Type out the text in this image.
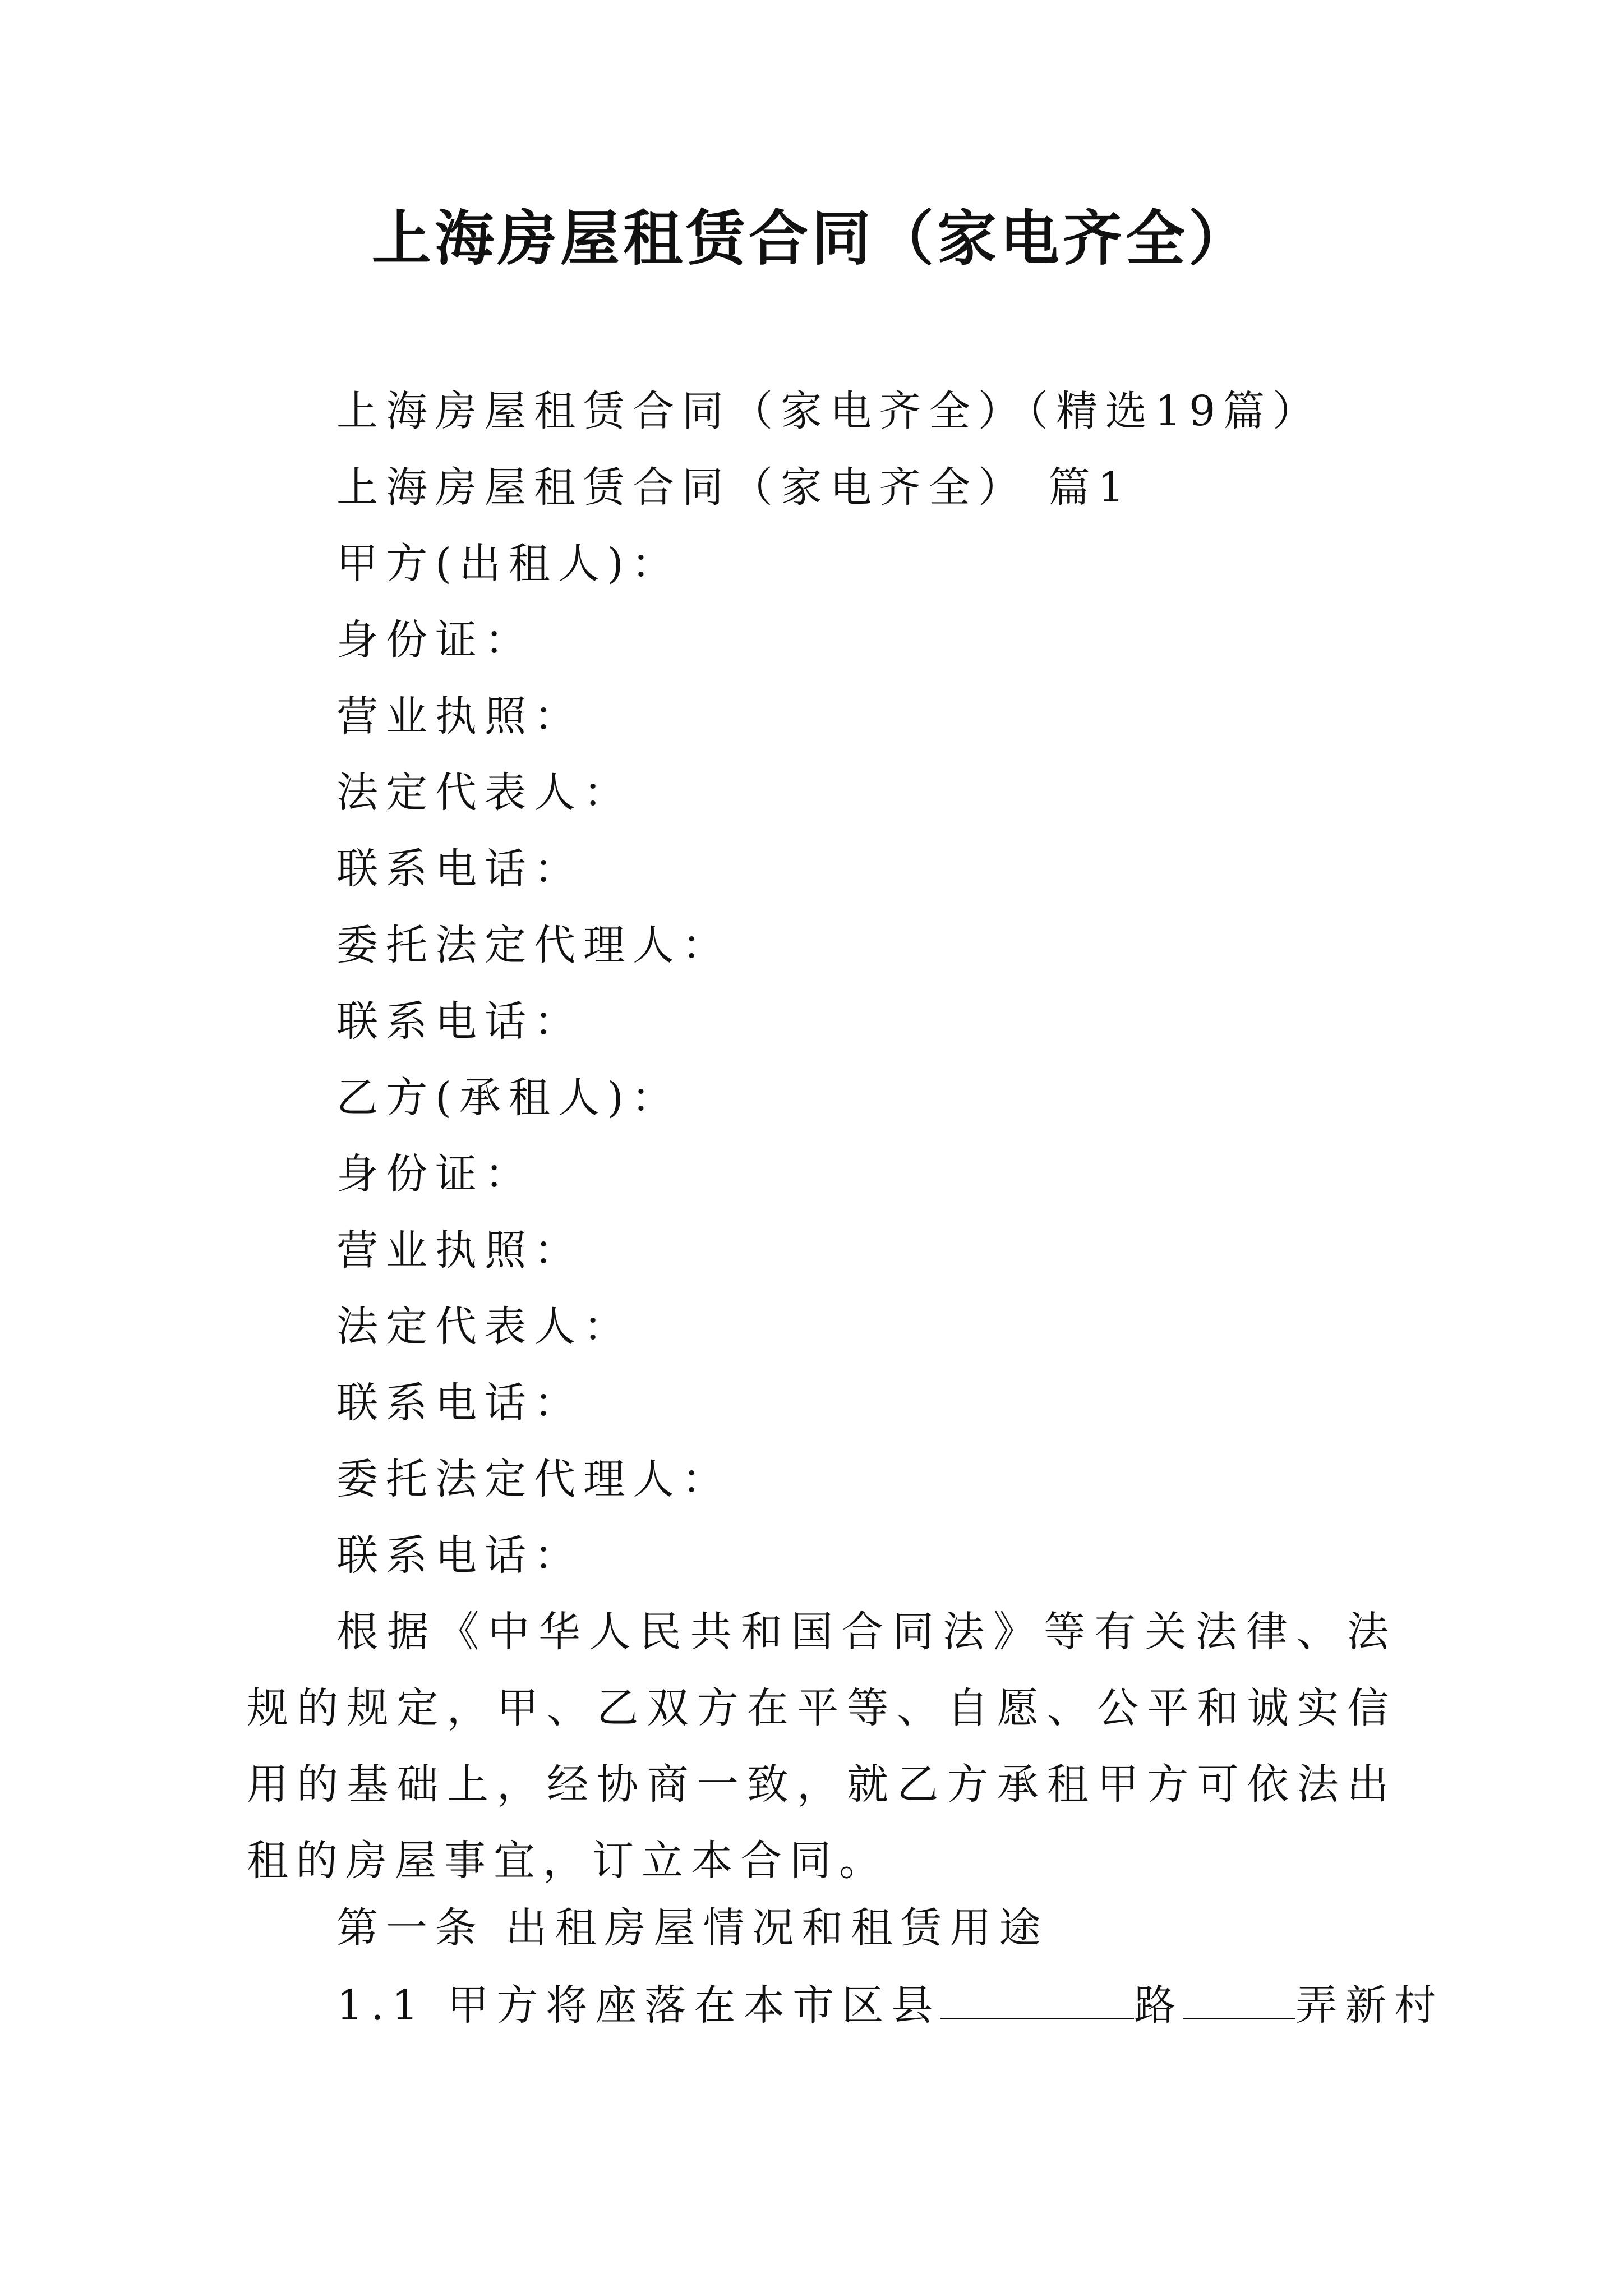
上海房屋租赁合同（家电齐全）
上海房屋租赁合同（家电齐全）（精选19篇）
上海房屋租赁合同（家电齐全） 篇1
甲方(出租人)：
身份证：
营业执照：
法定代表人：
联系电话：
委托法定代理人：
联系电话：
乙方(承租人)：
身份证：
营业执照：
法定代表人：
联系电话：
委托法定代理人：
联系电话：
根据《中华人民共和国合同法》等有关法律、法规的规定，甲、乙双方在平等、自愿、公平和诚实信用的基础上，经协商一致，就乙方承租甲方可依法出租的房屋事宜，订立本合同。
第一条 出租房屋情况和租赁用途
1.1 甲方将座落在本市区县	路	弄新村
